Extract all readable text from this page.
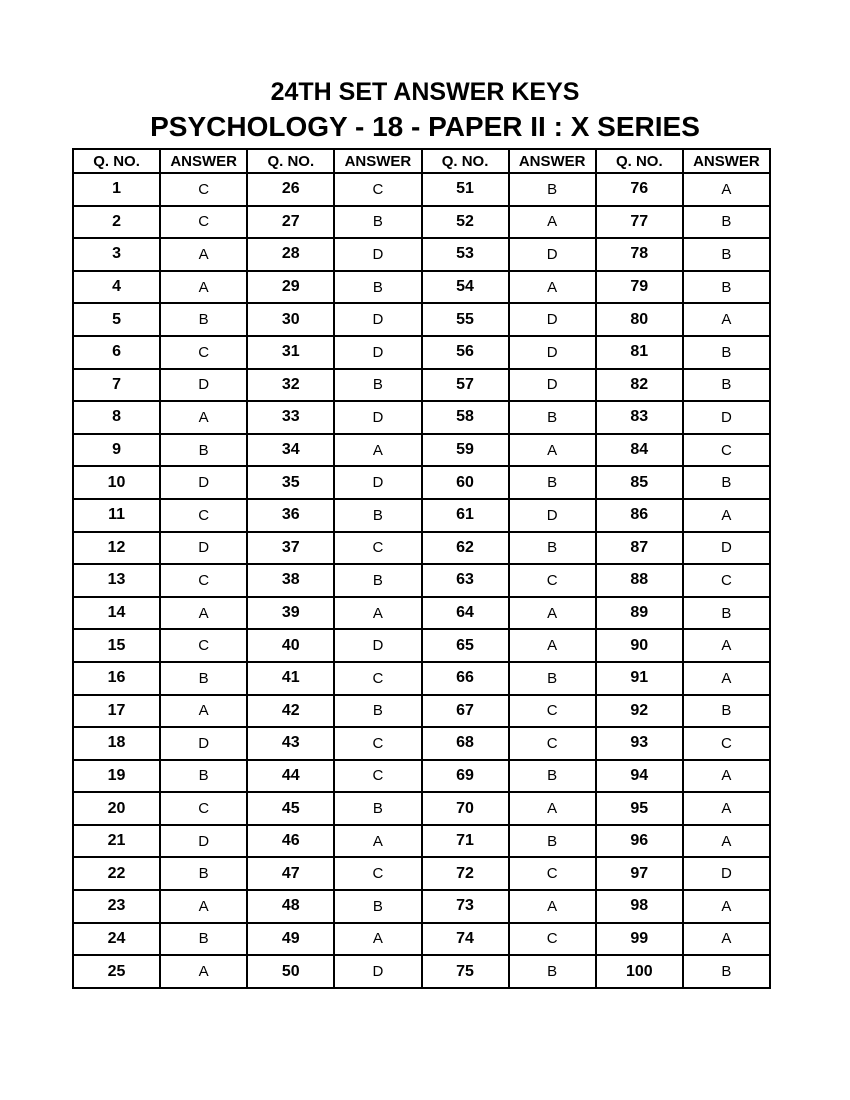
24TH SET ANSWER KEYS
PSYCHOLOGY - 18 - PAPER II : X SERIES
Q. NO.	ANSWER	Q. NO.	ANSWER	Q. NO.	ANSWER	Q. NO.	ANSWER
1	C	26	C	51	B	76	A
2	C	27	B	52	A	77	B
3	A	28	D	53	D	78	B
4	A	29	B	54	A	79	B
5	B	30	D	55	D	80	A
6	C	31	D	56	D	81	B
7	D	32	B	57	D	82	B
8	A	33	D	58	B	83	D
9	B	34	A	59	A	84	C
10	D	35	D	60	B	85	B
11	C	36	B	61	D	86	A
12	D	37	C	62	B	87	D
13	C	38	B	63	C	88	C
14	A	39	A	64	A	89	B
15	C	40	D	65	A	90	A
16	B	41	C	66	B	91	A
17	A	42	B	67	C	92	B
18	D	43	C	68	C	93	C
19	B	44	C	69	B	94	A
20	C	45	B	70	A	95	A
21	D	46	A	71	B	96	A
22	B	47	C	72	C	97	D
23	A	48	B	73	A	98	A
24	B	49	A	74	C	99	A
25	A	50	D	75	B	100	B
